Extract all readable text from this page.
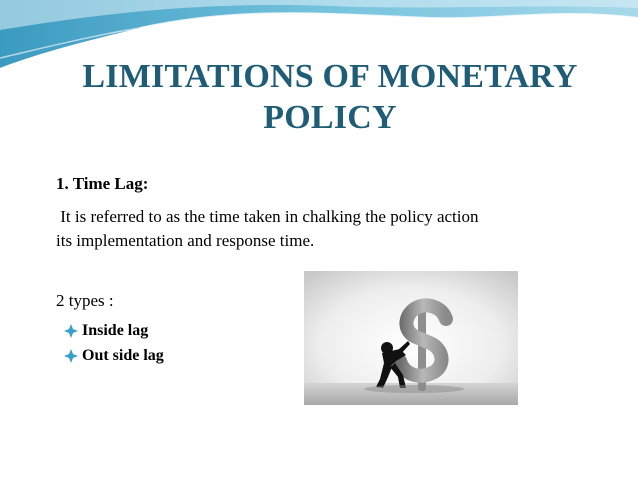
LIMITATIONS OF MONETARY
POLICY
1. Time Lag:
It is referred to as the time taken in chalking the policy action
its implementation and response time.
2 types :
Inside lag
Out side lag
